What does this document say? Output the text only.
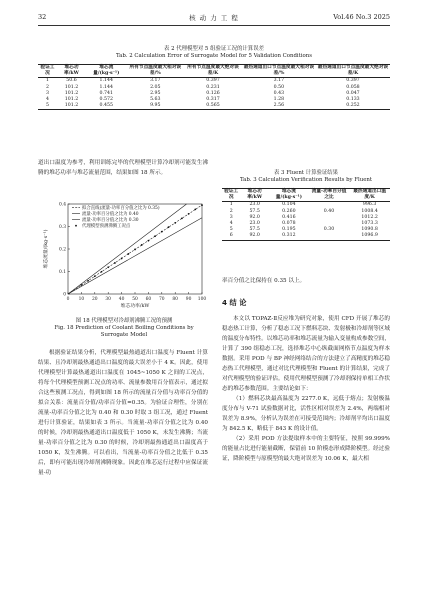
32	核 动 力 工 程	Vol.46 No.3 2025
表 2 代理模型对 5 组验证工况的计算误差
Tab. 2 Calculation Error of Surrogate Model for 5 Validation Conditions
验证工况	堆芯功率/kW	堆芯流量/(kg·s⁻¹)	所有节点温度最大相对误差/%	所有节点温度最大绝对误差/K	最热通道出口节点温度最大相对误差/%	最热通道出口节点温度最大绝对误差/K
1	50.6	1.144	3.17	0.397	3.17	0.397
2	101.2	1.144	2.05	0.231	0.50	0.058
3	101.2	0.741	2.95	0.126	0.43	0.047
4	101.2	0.572	5.63	0.317	1.28	0.133
5	101.2	0.455	9.95	0.565	2.56	0.252

道出口温度为参考，利用训练完毕的代理模型计算冷却剂可能发生沸腾的堆芯功率与堆芯流量范围，结果如图 18 所示。

0 10 20 30 40 50 60 70 80 90 100
0
0.1
0.2
0.3
0.4
堆芯功率/kW
堆芯流量/(kg·s⁻¹)
拟合直线(流量-功率百分值之比为 0.35)
流量-功率百分值之比为 0.40
流量-功率百分值之比为 0.30
代理模型预测沸腾工况点
图 18 代理模型对冷却剂沸腾工况的预测
Fig. 18 Prediction of Coolant Boiling Conditions by
Surrogate Model

根据验证结果分析，代理模型最热通道出口温度与 Fluent 计算结果、且冷却剂最热通道出口温度的最大误差小于 4 K。因此，使用代理模型计算最热通道出口温度在 1045~1050 K 之间的工况点，将每个代理模型预测工况点的功率、流量参数用百分值表示，通过拟合这些预测工况点，得到如图 18 所示的流量百分值与功率百分值的拟合关系：流量百分值/功率百分值=0.35。为验证合理性，分别在流量-功率百分值之比为 0.40 和 0.30 时取 3 组工况，通过 Fluent 进行计算验证，结果如表 3 所示。当流量-功率百分值之比为 0.40 的时候，冷却剂最热通道出口温度低于 1050 K，未发生沸腾；当流量-功率百分值之比为 0.30 的时候，冷却剂最热通道出口温度高于 1050 K，发生沸腾。可以看出，当流量-功率百分值之比低于 0.35 后，即有可能出现冷却剂沸腾现象。因此在堆芯运行过程中应保证流量-功

表 3 Fluent 计算验证结果
Tab. 3 Calculation Verification Results by Fluent
验证工况	堆芯功率/kW	堆芯流量/(kg·s⁻¹)	流量-功率百分值之比	最热通道出口温度/K
1	23.0	0.104		996.3
2	57.5	0.260	0.40	1008.4
3	92.0	0.416		1012.2
4	23.0	0.078		1073.3
5	57.5	0.195	0.30	1090.8
6	92.0	0.312		1096.9

率百分值之比保持在 0.35 以上。

4 结 论

本文以 TOPAZ-Ⅱ反应堆为研究对象，使用 CFD 开展了堆芯的稳态热工计算，分析了稳态工况下燃料芯块、发射极和冷却剂等区域的温度分布特性。以堆芯功率和堆芯流量为输入变量构成参数空间，计算了 390 组稳态工况，选择堆芯中心纵截面网格节点温度为样本数据。采用 POD 与 BP 神经网络结合的方法建立了高精度的堆芯稳态热工代理模型，通过对比代理模型和 Fluent 的计算结果，完成了对代理模型的验证评估。使用代理模型预测了冷却剂保持单相工作状态的堆芯参数范围。主要结论如下：

（1）燃料芯块最高温度为 2277.0 K，远低于熔点；发射极温度分布与 V-71 试验数据对比，活性区相对误差为 2.4%，两端相对误差为 8.9%，分析认为误差在可接受范围内；冷却剂平均出口温度为 842.5 K，略低于 843 K 的设计值。

（2）采用 POD 方法提取样本中的主要特征，按照 99.999% 的能量占比进行能量截断，保留前 10 阶模态形成降阶模型。经过验证，降阶模型与原模型的最大绝对误差为 10.06 K，最大相
